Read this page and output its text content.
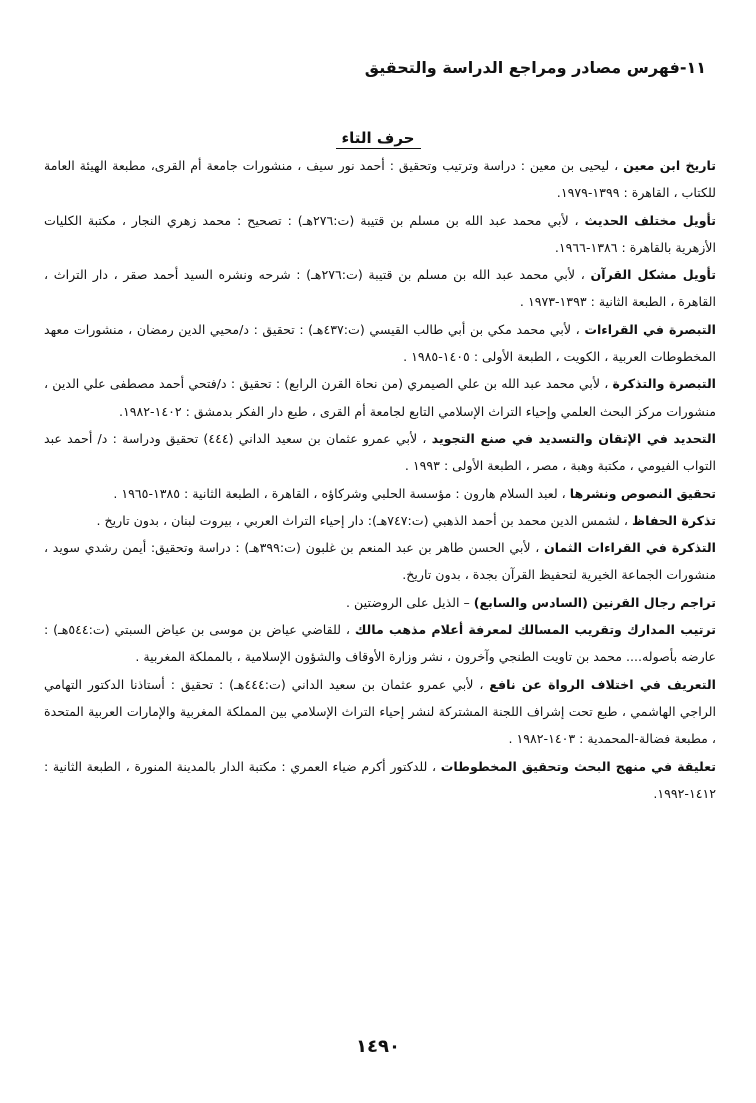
١١-فهرس مصادر ومراجع الدراسة والتحقيق
حرف التاء

تاريخ ابن معين ، ليحيى بن معين : دراسة وترتيب وتحقيق : أحمد نور سيف ، منشورات جامعة أم القرى، مطبعة الهيئة العامة للكتاب ، القاهرة : ١٣٩٩-١٩٧٩.

تأويل مختلف الحديث ، لأبي محمد عبد الله بن مسلم بن قتيبة (ت:٢٧٦هـ) : تصحيح : محمد زهري النجار ، مكتبة الكليات الأزهرية بالقاهرة : ١٣٨٦-١٩٦٦.

تأويل مشكل القرآن ، لأبي محمد عبد الله بن مسلم بن قتيبة (ت:٢٧٦هـ) : شرحه ونشره السيد أحمد صقر ، دار التراث ، القاهرة ، الطبعة الثانية : ١٣٩٣-١٩٧٣ .

التبصرة في القراءات ، لأبي محمد مكي بن أبي طالب القيسي (ت:٤٣٧هـ) : تحقيق : د/محيي الدين رمضان ، منشورات معهد المخطوطات العربية ، الكويت ، الطبعة الأولى : ١٤٠٥-١٩٨٥ .

التبصرة والتذكرة ، لأبي محمد عبد الله بن علي الصيمري (من نحاة القرن الرابع) : تحقيق : د/فتحي أحمد مصطفى علي الدين ، منشورات مركز البحث العلمي وإحياء التراث الإسلامي التابع لجامعة أم القرى ، طبع دار الفكر بدمشق : ١٤٠٢-١٩٨٢.

التحديد في الإتقان والتسديد في صنع التجويد ، لأبي عمرو عثمان بن سعيد الداني (٤٤٤) تحقيق ودراسة : د/ أحمد عبد التواب الفيومي ، مكتبة وهبة ، مصر ، الطبعة الأولى : ١٩٩٣ .

تحقيق النصوص ونشرها ، لعبد السلام هارون : مؤسسة الحلبي وشركاؤه ، القاهرة ، الطبعة الثانية : ١٣٨٥-١٩٦٥ .

تذكرة الحفاظ ، لشمس الدين محمد بن أحمد الذهبي (ت:٧٤٧هـ): دار إحياء التراث العربي ، بيروت لبنان ، بدون تاريخ .

التذكرة في القراءات الثمان ، لأبي الحسن طاهر بن عبد المنعم بن غلبون (ت:٣٩٩هـ) : دراسة وتحقيق: أيمن رشدي سويد ، منشورات الجماعة الخيرية لتحفيظ القرآن بجدة ، بدون تاريخ.

تراجم رجال القرنين (السادس والسابع) – الذيل على الروضتين .

ترتيب المدارك وتقريب المسالك لمعرفة أعلام مذهب مالك ، للقاضي عياض بن موسى بن عياض السبتي (ت:٥٤٤هـ) : عارضه بأصوله.... محمد بن تاويت الطنجي وآخرون ، نشر وزارة الأوقاف والشؤون الإسلامية ، بالمملكة المغربية .

التعريف في اختلاف الرواة عن نافع ، لأبي عمرو عثمان بن سعيد الداني (ت:٤٤٤هـ) : تحقيق : أستاذنا الدكتور التهامي الراجي الهاشمي ، طبع تحت إشراف اللجنة المشتركة لنشر إحياء التراث الإسلامي بين المملكة المغربية والإمارات العربية المتحدة ، مطبعة فضالة-المحمدية : ١٤٠٣-١٩٨٢ .

تعليقة في منهج البحث وتحقيق المخطوطات ، للدكتور أكرم ضياء العمري : مكتبة الدار بالمدينة المنورة ، الطبعة الثانية : ١٤١٢-١٩٩٢.

١٤٩٠
